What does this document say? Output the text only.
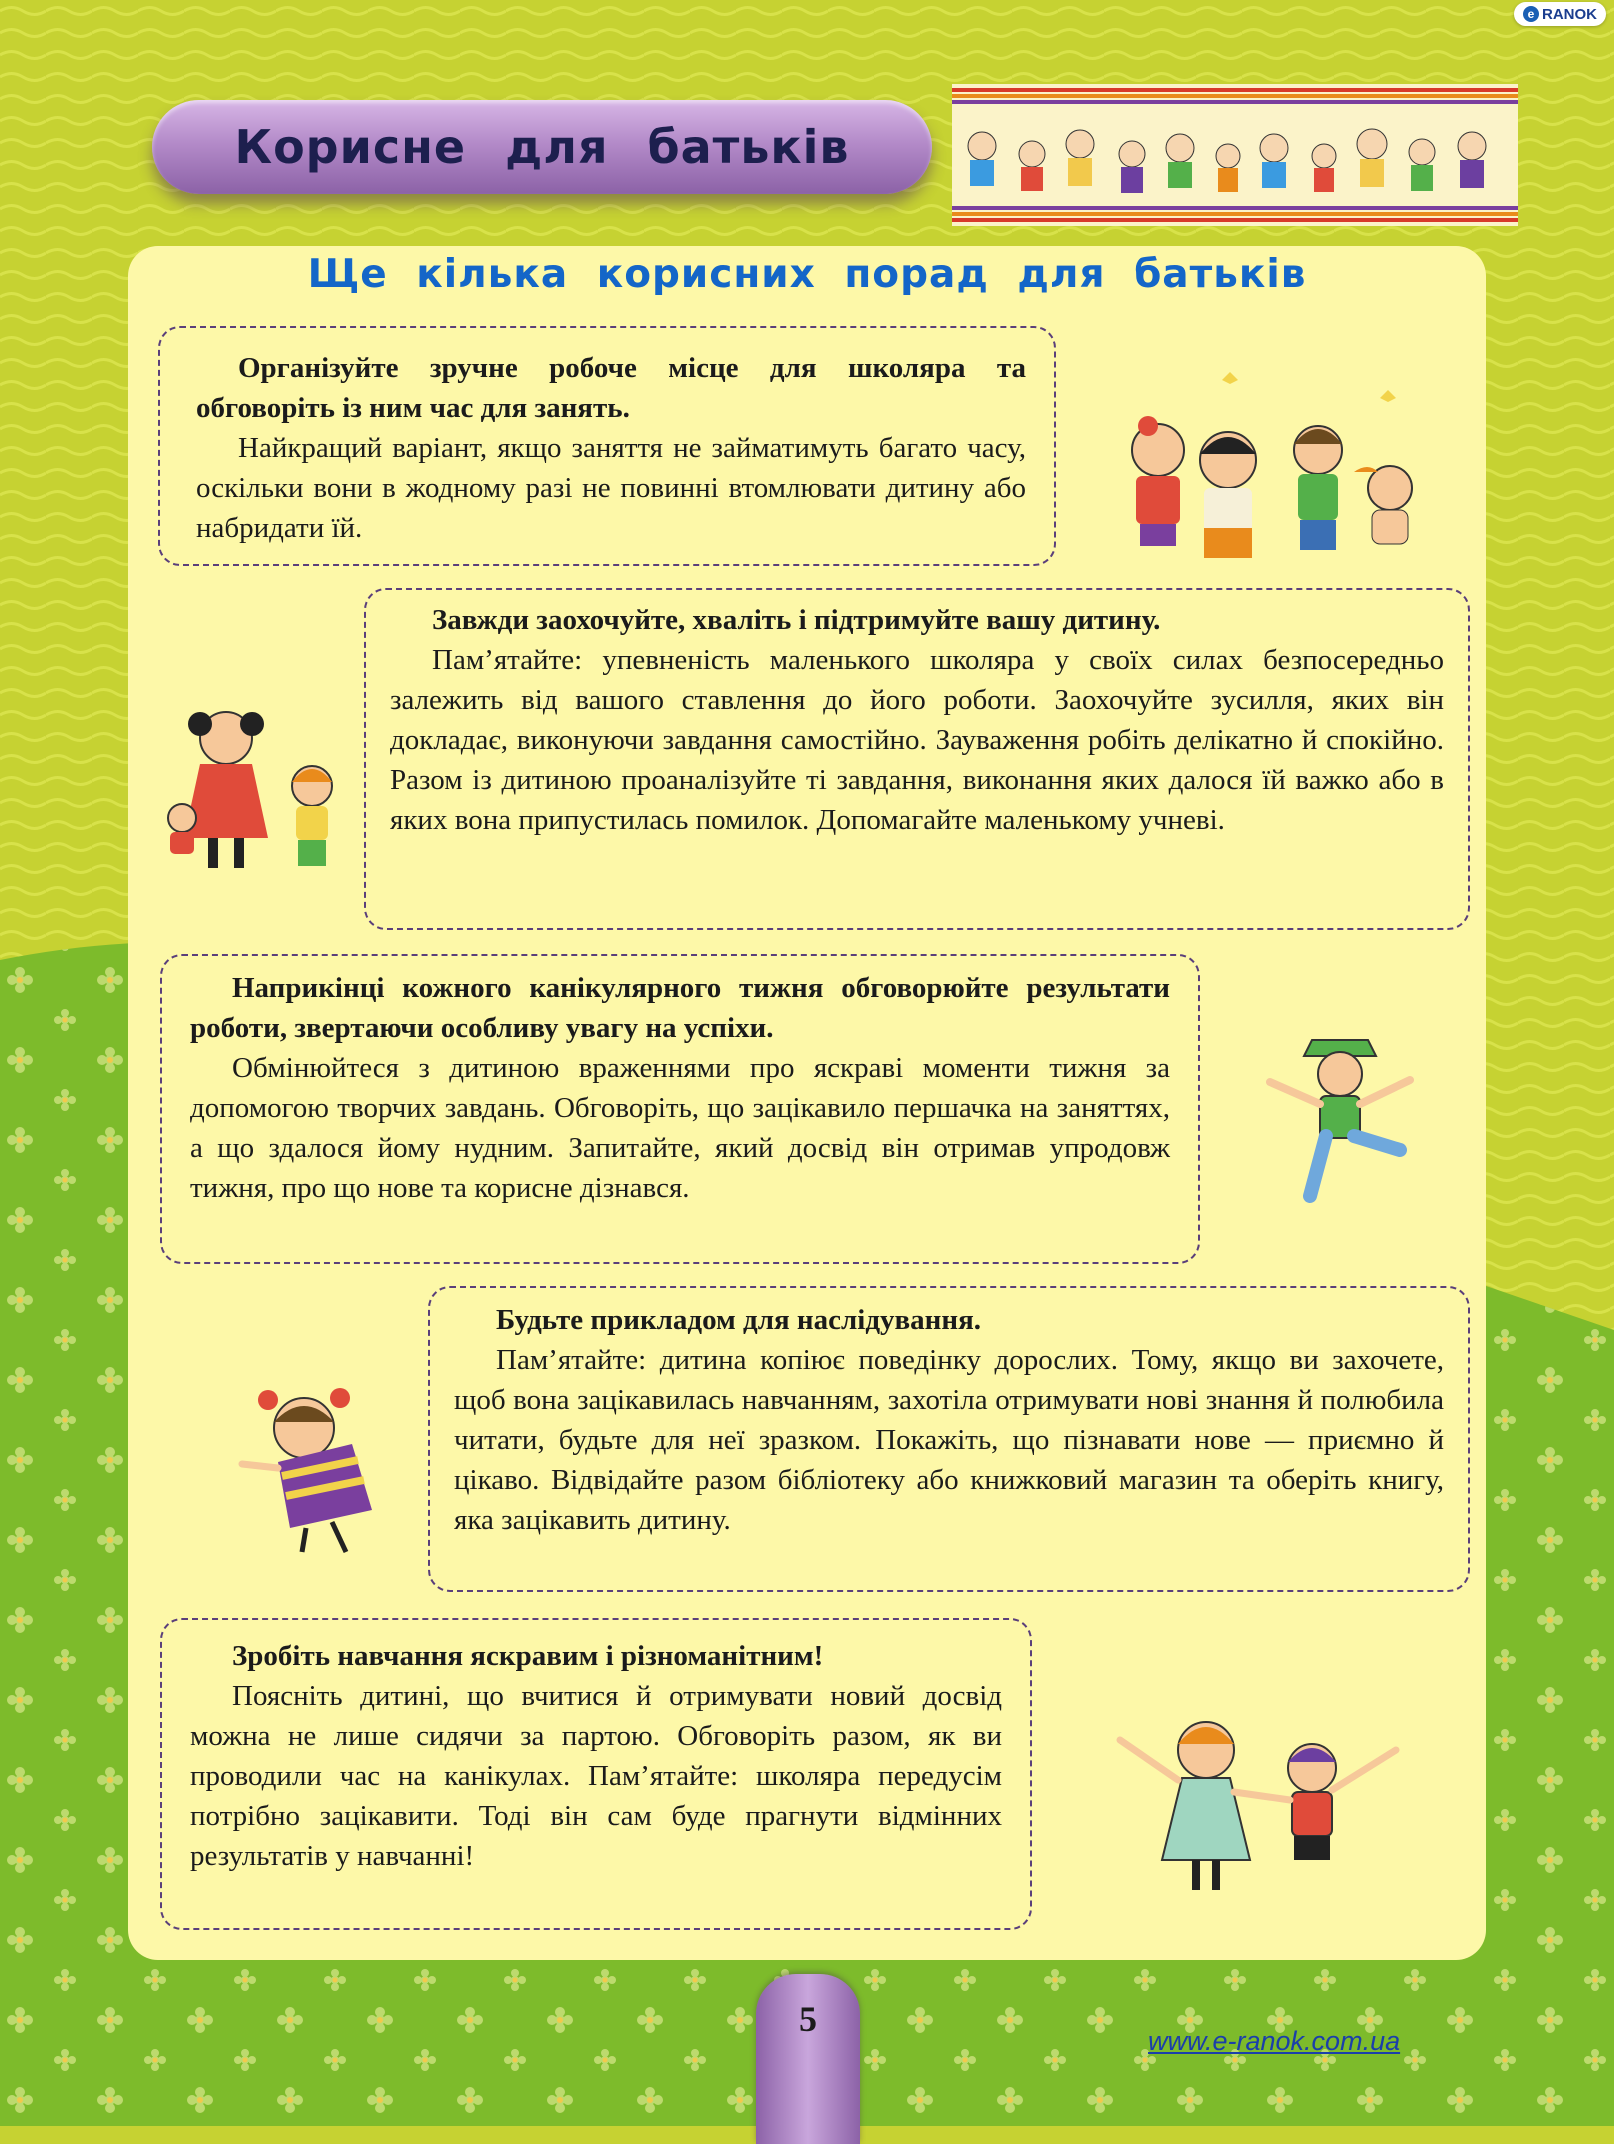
e RANOK
Корисне для батьків
Ще кілька корисних порад для батьків

Організуйте зручне робоче місце для школяра та обговоріть із ним час для занять.

Найкращий варіант, якщо заняття не займатимуть багато часу, оскільки вони в жодному разі не повинні втомлювати дитину або набридати їй.

Завжди заохочуйте, хваліть і підтримуйте вашу дитину.

Пам’ятайте: упевненість маленького школяра у своїх силах безпосередньо залежить від вашого ставлення до його роботи. Заохочуйте зусилля, яких він докладає, виконуючи завдання самостійно. Зауваження робіть делікатно й спокійно. Разом із дитиною проаналізуйте ті завдання, виконання яких далося їй важко або в яких вона припустилась помилок. Допомагайте маленькому учневі.

Наприкінці кожного канікулярного тижня обговорюйте результати роботи, звертаючи особливу увагу на успіхи.

Обмінюйтеся з дитиною враженнями про яскраві моменти тижня за допомогою творчих завдань. Обговоріть, що зацікавило першачка на заняттях, а що здалося йому нудним. Запитайте, який досвід він отримав упродовж тижня, про що нове та корисне дізнався.

Будьте прикладом для наслідування.

Пам’ятайте: дитина копіює поведінку дорослих. Тому, якщо ви захочете, щоб вона зацікавилась навчанням, захотіла отримувати нові знання й полюбила читати, будьте для неї зразком. Покажіть, що пізнавати нове — приємно й цікаво. Відвідайте разом бібліотеку або книжковий магазин та оберіть книгу, яка зацікавить дитину.

Зробіть навчання яскравим і різноманітним!

Поясніть дитині, що вчитися й отримувати новий досвід можна не лише сидячи за партою. Обговоріть разом, як ви проводили час на канікулах. Пам’ятайте: школяра передусім потрібно зацікавити. Тоді він сам буде прагнути відмінних результатів у навчанні!

5
www.e-ranok.com.ua
